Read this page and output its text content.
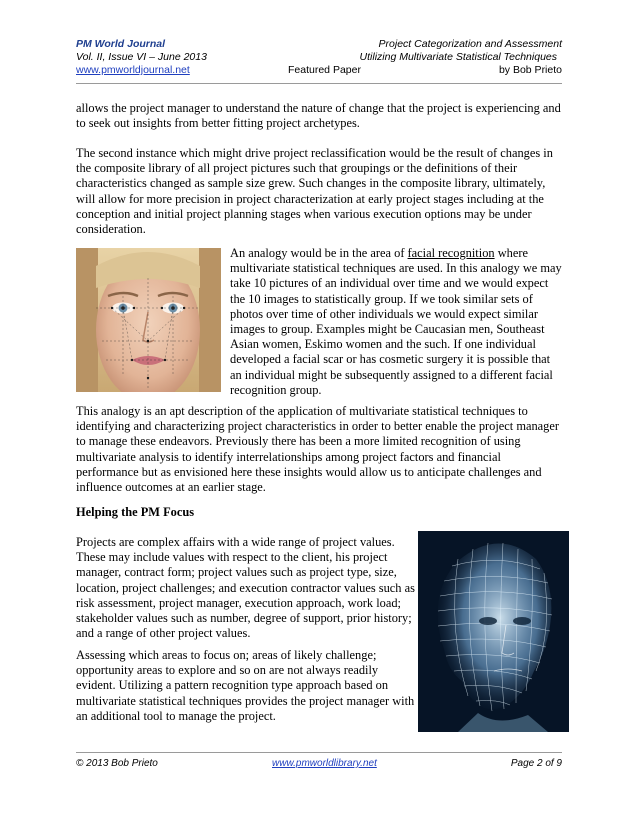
PM World Journal	Project Categorization and Assessment
Vol. II, Issue VI – June 2013	Utilizing Multivariate Statistical Techniques
www.pmworldjournal.net	Featured Paper	by Bob Prieto

allows the project manager to understand the nature of change that the project is experiencing and to seek out insights from better fitting project archetypes.

The second instance which might drive project reclassification would be the result of changes in the composite library of all project pictures such that groupings or the definitions of their characteristics changed as sample size grew. Such changes in the composite library, ultimately, will allow for more precision in project characterization at early project stages including at the conception and initial project planning stages when various execution options may be under consideration.

An analogy would be in the area of facial recognition where multivariate statistical techniques are used. In this analogy we may take 10 pictures of an individual over time and we would expect the 10 images to statistically group. If we took similar sets of photos over time of other individuals we would expect similar images to group. Examples might be Caucasian men, Southeast Asian women, Eskimo women and the such. If one individual developed a facial scar or has cosmetic surgery it is possible that an individual might be subsequently assigned to a different facial recognition group.

This analogy is an apt description of the application of multivariate statistical techniques to identifying and characterizing project characteristics in order to better enable the project manager to manage these endeavors. Previously there has been a more limited recognition of using multivariate analysis to identify interrelationships among project factors and financial performance but as envisioned here these insights would allow us to anticipate challenges and influence outcomes at an earlier stage.

Helping the PM Focus

Projects are complex affairs with a wide range of project values. These may include values with respect to the client, his project manager, contract form; project values such as project type, size, location, project challenges; and execution contractor values such as risk assessment, project manager, execution approach, work load; stakeholder values such as number, degree of support, prior history; and a range of other project values.

Assessing which areas to focus on; areas of likely challenge; opportunity areas to explore and so on are not always readily evident. Utilizing a pattern recognition type approach based on multivariate statistical techniques provides the project manager with an additional tool to manage the project.

© 2013 Bob Prieto	www.pmworldlibrary.net	Page 2 of 9
